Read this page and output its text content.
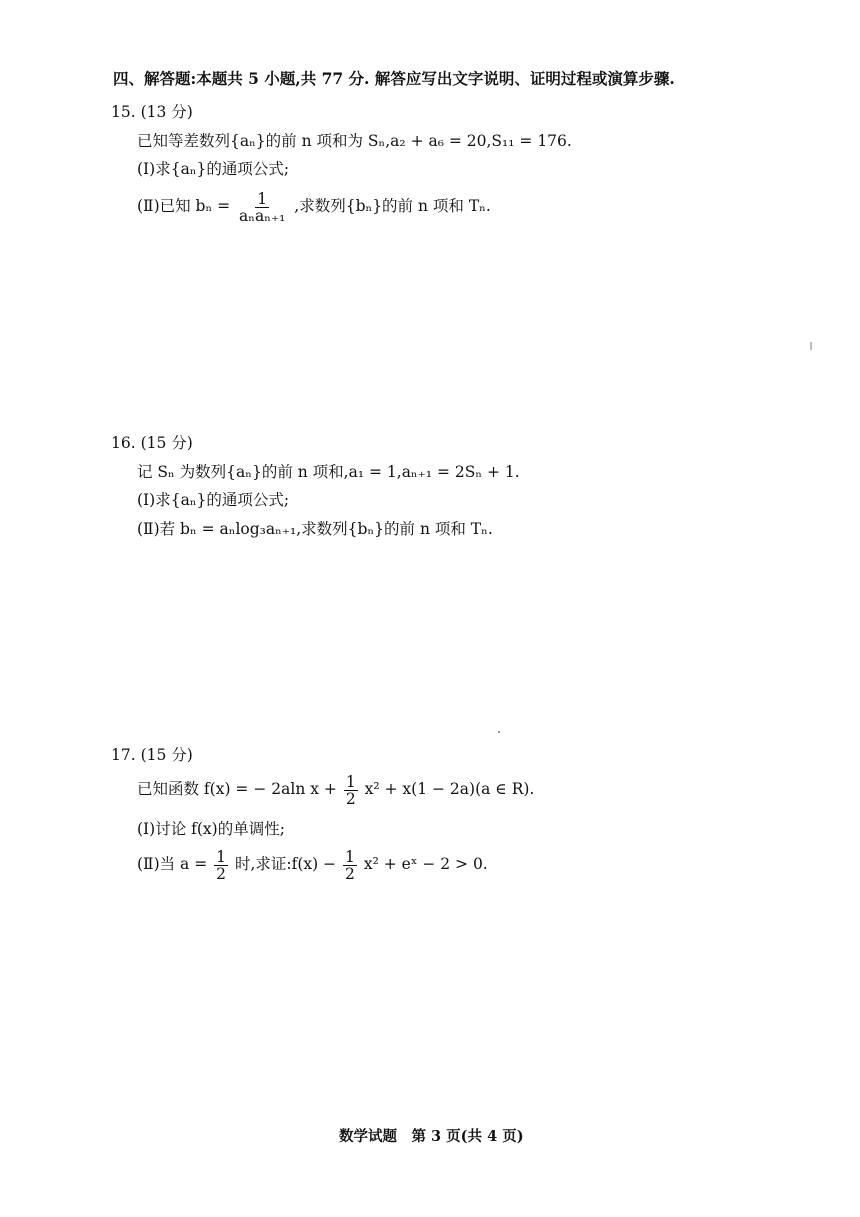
四、解答题:本题共 5 小题,共 77 分. 解答应写出文字说明、证明过程或演算步骤.
15. (13 分)
已知等差数列{aₙ}的前 n 项和为 Sₙ,a₂ + a₆ = 20,S₁₁ = 176.
(Ⅰ)求{aₙ}的通项公式;
(Ⅱ)已知 $b_n = \frac{1}{\text{aₙaₙ₊₁}}$ ,求数列{bₙ}的前 n 项和 Tₙ.
16. (15 分)
记 Sₙ 为数列{aₙ}的前 n 项和,a₁ = 1,aₙ₊₁ = 2Sₙ + 1.
(Ⅰ)求{aₙ}的通项公式;
(Ⅱ)若 bₙ = aₙlog₃aₙ₊₁,求数列{bₙ}的前 n 项和 Tₙ.
17. (15 分)
已知函数 f(x) = − 2aln $x + \frac{1}{2} x^2 + x(1 - 2a)(a$ ∈ R).
(Ⅰ)讨论 f(x)的单调性;
(Ⅱ)当 $a = \frac{1}{2}$ 时,求证:f(x) − $\frac{1}{2} x^2$ + eˣ − 2 > 0.
数学试题　第 3 页(共 4 页)
